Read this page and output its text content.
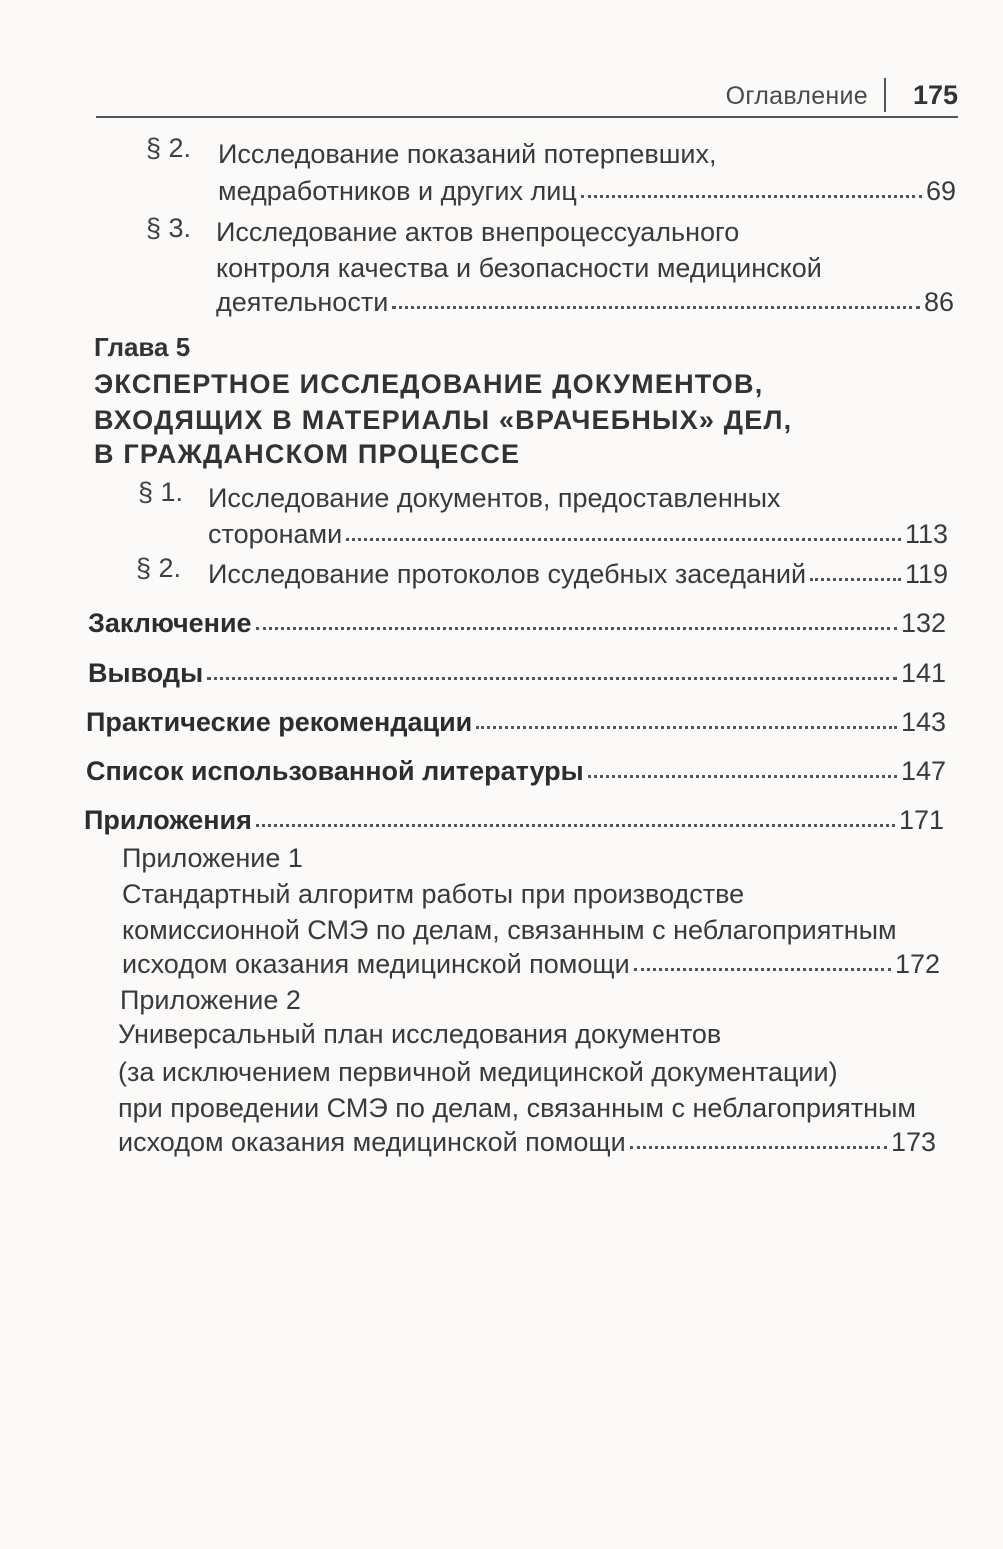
Оглавление 175
§ 2. Исследование показаний потерпевших,
медработников и других лиц	69
§ 3. Исследование актов внепроцессуального
контроля качества и безопасности медицинской
деятельности	86
Глава 5
ЭКСПЕРТНОЕ ИССЛЕДОВАНИЕ ДОКУМЕНТОВ,
ВХОДЯЩИХ В МАТЕРИАЛЫ «ВРАЧЕБНЫХ» ДЕЛ,
В ГРАЖДАНСКОМ ПРОЦЕССЕ
§ 1. Исследование документов, предоставленных
сторонами	113
§ 2. Исследование протоколов судебных заседаний	119
Заключение	132
Выводы	141
Практические рекомендации	143
Список использованной литературы	147
Приложения	171
Приложение 1
Стандартный алгоритм работы при производстве
комиссионной СМЭ по делам, связанным с неблагоприятным
исходом оказания медицинской помощи	172
Приложение 2
Универсальный план исследования документов
(за исключением первичной медицинской документации)
при проведении СМЭ по делам, связанным с неблагоприятным
исходом оказания медицинской помощи	173
